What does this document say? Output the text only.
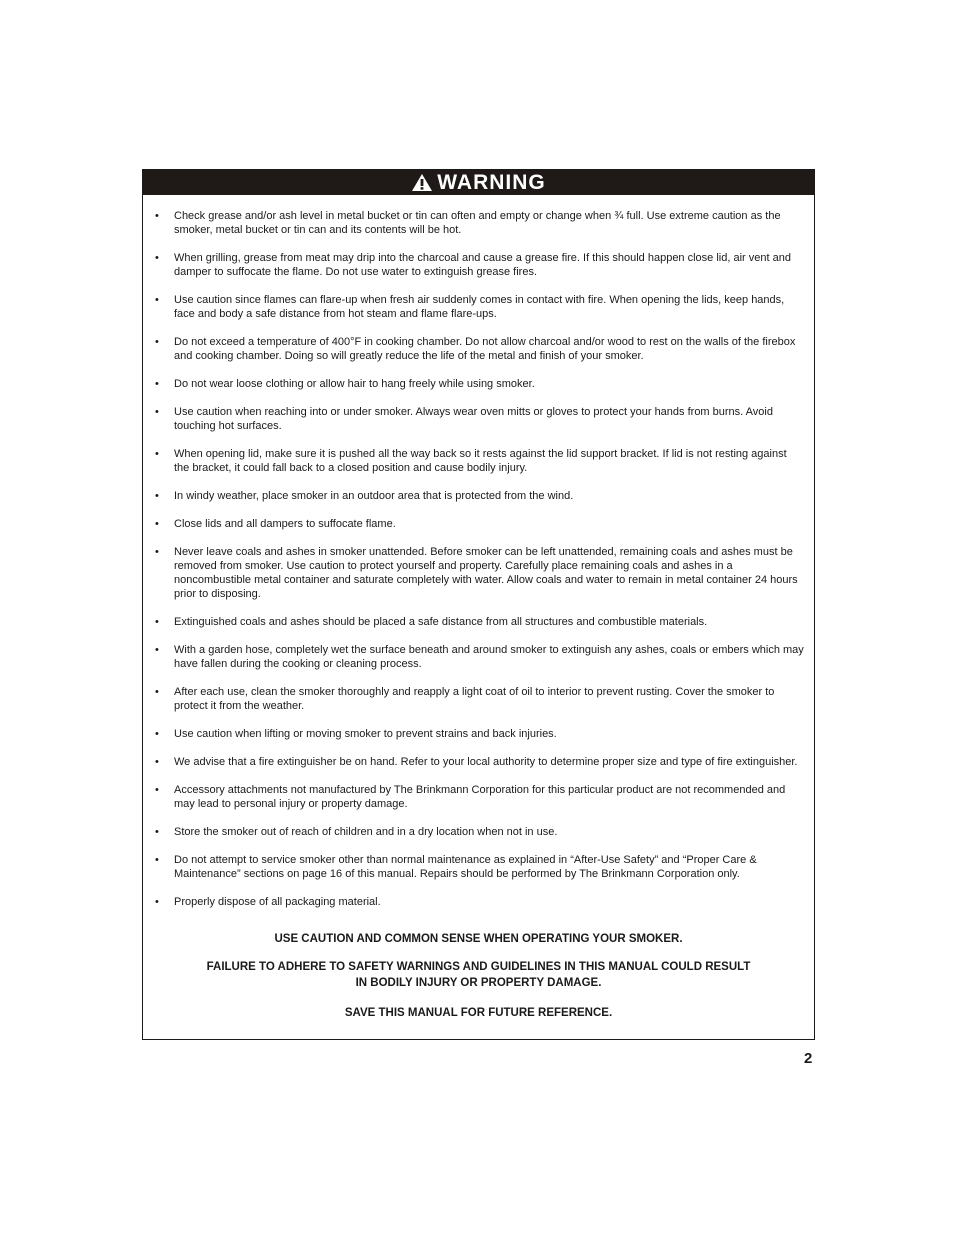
WARNING
• Check grease and/or ash level in metal bucket or tin can often and empty or change when ¾ full. Use extreme caution as the smoker, metal bucket or tin can and its contents will be hot.
• When grilling, grease from meat may drip into the charcoal and cause a grease fire. If this should happen close lid, air vent and damper to suffocate the flame. Do not use water to extinguish grease fires.
• Use caution since flames can flare-up when fresh air suddenly comes in contact with fire. When opening the lids, keep hands, face and body a safe distance from hot steam and flame flare-ups.
• Do not exceed a temperature of 400°F in cooking chamber. Do not allow charcoal and/or wood to rest on the walls of the firebox and cooking chamber. Doing so will greatly reduce the life of the metal and finish of your smoker.
• Do not wear loose clothing or allow hair to hang freely while using smoker.
• Use caution when reaching into or under smoker. Always wear oven mitts or gloves to protect your hands from burns. Avoid touching hot surfaces.
• When opening lid, make sure it is pushed all the way back so it rests against the lid support bracket. If lid is not resting against the bracket, it could fall back to a closed position and cause bodily injury.
• In windy weather, place smoker in an outdoor area that is protected from the wind.
• Close lids and all dampers to suffocate flame.
• Never leave coals and ashes in smoker unattended. Before smoker can be left unattended, remaining coals and ashes must be removed from smoker. Use caution to protect yourself and property. Carefully place remaining coals and ashes in a noncombustible metal container and saturate completely with water. Allow coals and water to remain in metal container 24 hours prior to disposing.
• Extinguished coals and ashes should be placed a safe distance from all structures and combustible materials.
• With a garden hose, completely wet the surface beneath and around smoker to extinguish any ashes, coals or embers which may have fallen during the cooking or cleaning process.
• After each use, clean the smoker thoroughly and reapply a light coat of oil to interior to prevent rusting. Cover the smoker to protect it from the weather.
• Use caution when lifting or moving smoker to prevent strains and back injuries.
• We advise that a fire extinguisher be on hand. Refer to your local authority to determine proper size and type of fire extinguisher.
• Accessory attachments not manufactured by The Brinkmann Corporation for this particular product are not recommended and may lead to personal injury or property damage.
• Store the smoker out of reach of children and in a dry location when not in use.
• Do not attempt to service smoker other than normal maintenance as explained in “After-Use Safety” and “Proper Care & Maintenance” sections on page 16 of this manual. Repairs should be performed by The Brinkmann Corporation only.
• Properly dispose of all packaging material.
USE CAUTION AND COMMON SENSE WHEN OPERATING YOUR SMOKER.
FAILURE TO ADHERE TO SAFETY WARNINGS AND GUIDELINES IN THIS MANUAL COULD RESULT
IN BODILY INJURY OR PROPERTY DAMAGE.
SAVE THIS MANUAL FOR FUTURE REFERENCE.
2
